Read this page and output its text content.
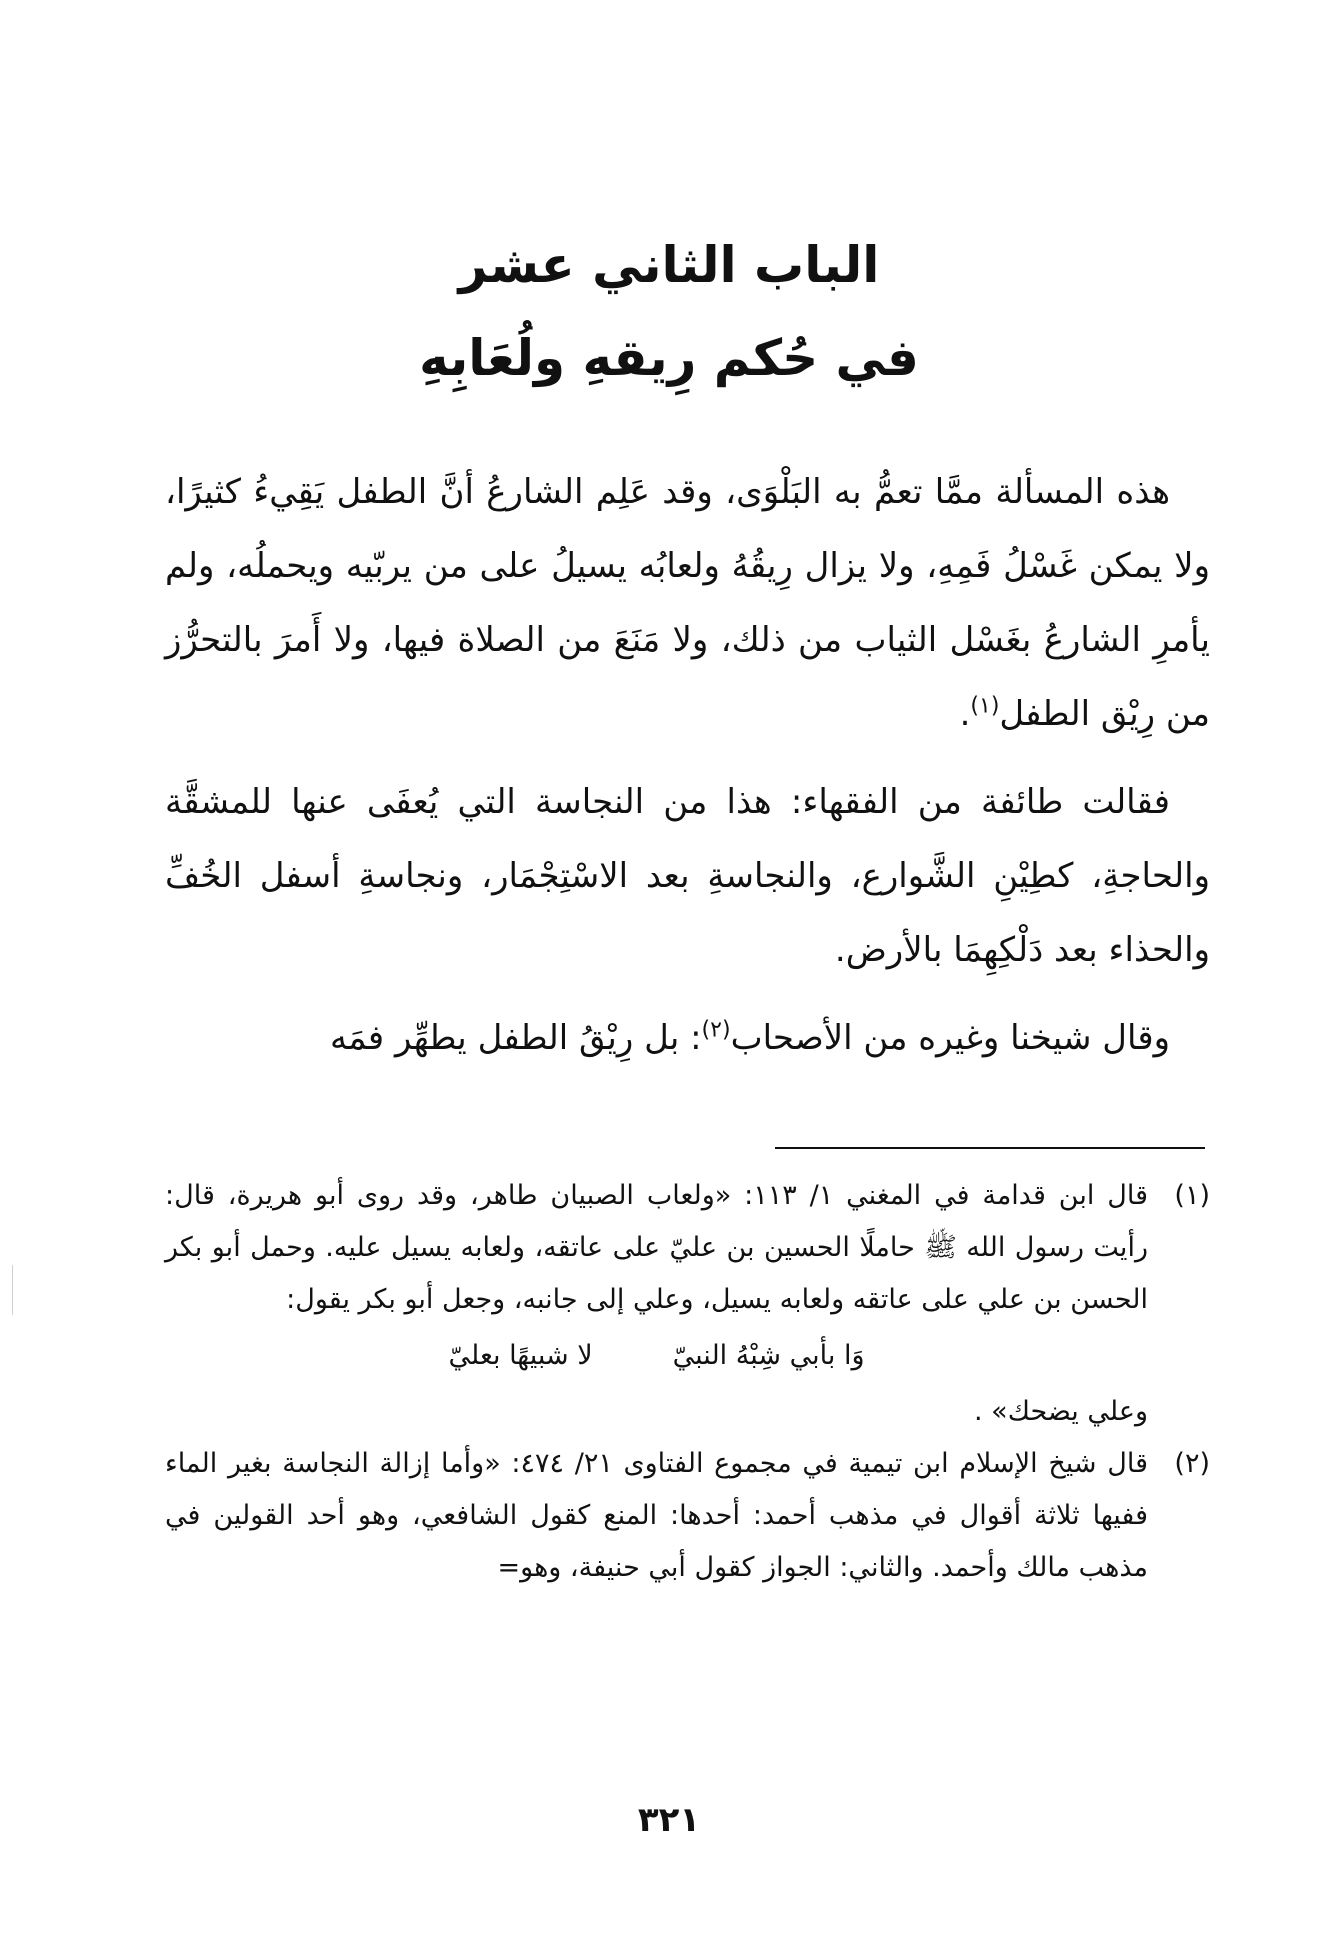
الباب الثاني عشر
في حُكم رِيقهِ ولُعَابِهِ

هذه المسألة ممَّا تعمُّ به البَلْوَى، وقد عَلِم الشارعُ أنَّ الطفل يَقِيءُ كثيرًا، ولا يمكن غَسْلُ فَمِهِ، ولا يزال رِيقُهُ ولعابُه يسيلُ على من يربّيه ويحملُه، ولم يأمرِ الشارعُ بغَسْل الثياب من ذلك، ولا مَنَعَ من الصلاة فيها، ولا أَمرَ بالتحرُّز من رِيْق الطفل$^{(١)}$.

فقالت طائفة من الفقهاء: هذا من النجاسة التي يُعفَى عنها للمشقَّة والحاجةِ، كطِيْنِ الشَّوارع، والنجاسةِ بعد الاسْتِجْمَار، ونجاسةِ أسفل الخُفِّ والحذاء بعد دَلْكِهِمَا بالأرض.

وقال شيخنا وغيره من الأصحاب$^{(٢)}$: بل رِيْقُ الطفل يطهِّر فمَه

(١)
قال ابن قدامة في المغني ١/ ١١٣: «ولعاب الصبيان طاهر، وقد روى أبو هريرة، قال: رأيت رسول الله ﷺ حاملًا الحسين بن عليّ على عاتقه، ولعابه يسيل عليه. وحمل أبو بكر الحسن بن علي على عاتقه ولعابه يسيل، وعلي إلى جانبه، وجعل أبو بكر يقول:
وَا بأبي شِبْهُ النبيّ
لا شبيهًا بعليّ
وعلي يضحك» .
(٢)
قال شيخ الإسلام ابن تيمية في مجموع الفتاوى ٢١/ ٤٧٤: «وأما إزالة النجاسة بغير الماء ففيها ثلاثة أقوال في مذهب أحمد: أحدها: المنع كقول الشافعي، وهو أحد القولين في مذهب مالك وأحمد. والثاني: الجواز كقول أبي حنيفة، وهو=
٣٢١
